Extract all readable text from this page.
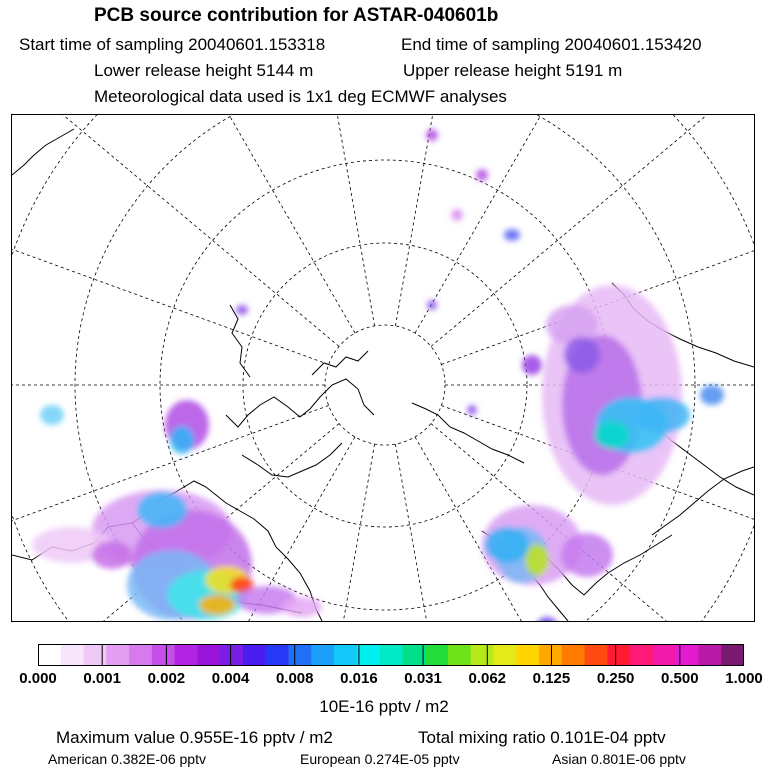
PCB source contribution for ASTAR-040601b
Start time of sampling 20040601.153318	End time of sampling 20040601.153420
Lower release height 5144 m	Upper release height 5191 m
Meteorological data used is 1x1 deg ECMWF analyses
0.000 0.001 0.002 0.004 0.008 0.016 0.031 0.062 0.125 0.250 0.500 1.000
10E-16 pptv / m2
Maximum value 0.955E-16 pptv / m2	Total mixing ratio 0.101E-04 pptv
American 0.382E-06 pptv	European 0.274E-05 pptv	Asian 0.801E-06 pptv
